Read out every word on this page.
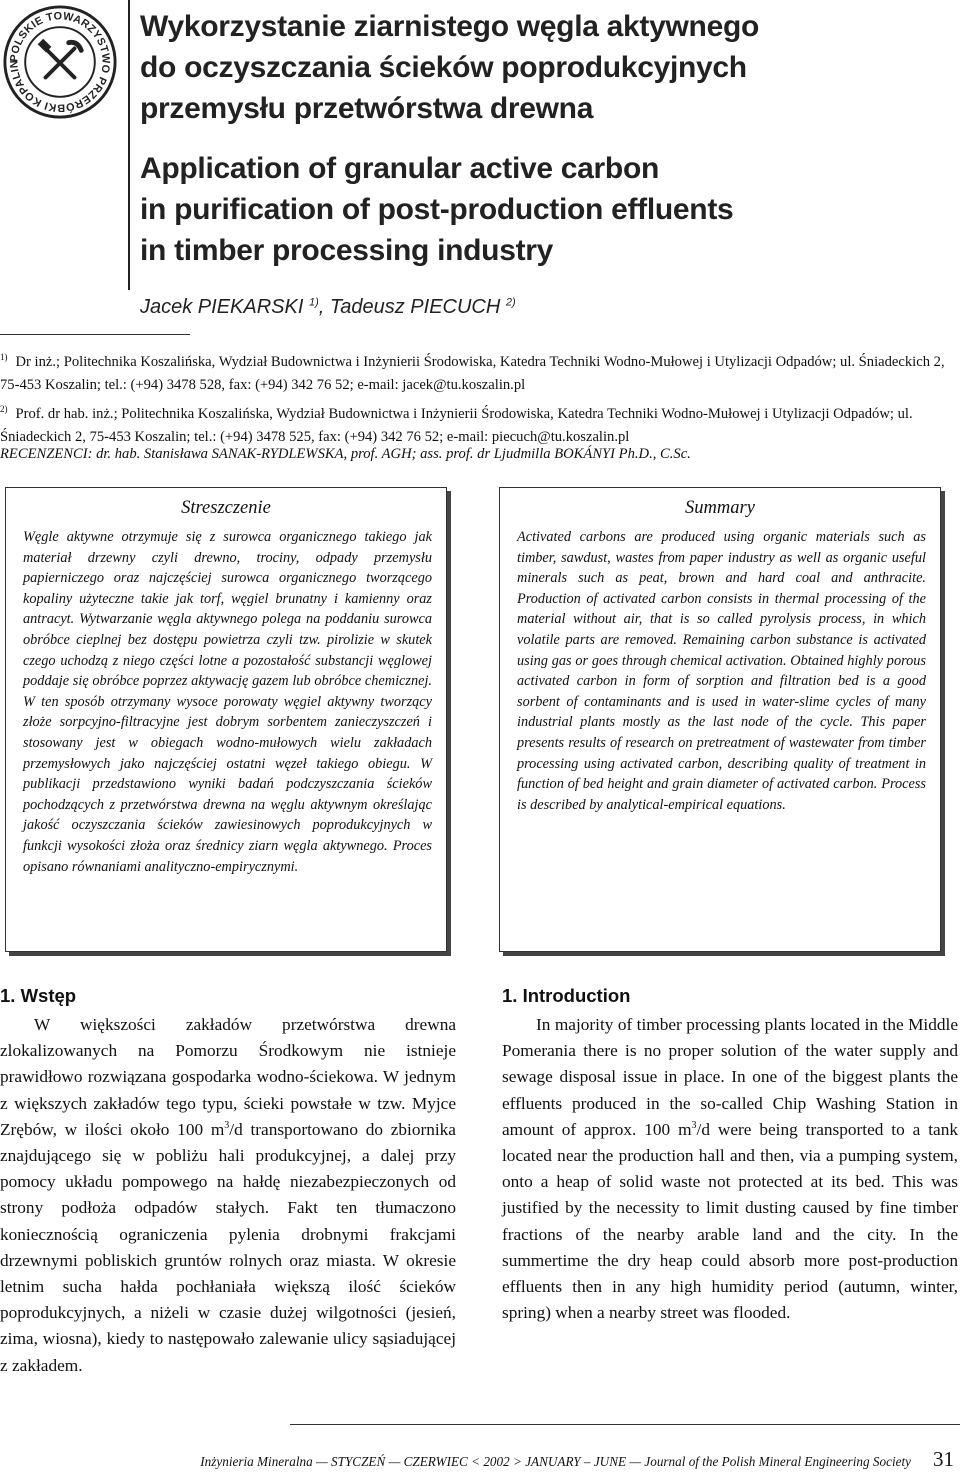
POLSKIE TOWARZYSTWO PRZERÓBKI KOPALIN
Wykorzystanie ziarnistego węgla aktywnego
do oczyszczania ścieków poprodukcyjnych
przemysłu przetwórstwa drewna
Application of granular active carbon
in purification of post-production effluents
in timber processing industry
Jacek PIEKARSKI $^{1)}$, Tadeusz PIECUCH $^{2)}$
$^{1)}$ Dr inż.; Politechnika Koszalińska, Wydział Budownictwa i Inżynierii Środowiska, Katedra Techniki Wodno-Mułowej i Utylizacji Odpadów; ul. Śniadeckich 2, 75-453 Koszalin; tel.: (+94) 3478 528, fax: (+94) 342 76 52; e-mail: jacek@tu.koszalin.pl
$^{2)}$ Prof. dr hab. inż.; Politechnika Koszalińska, Wydział Budownictwa i Inżynierii Środowiska, Katedra Techniki Wodno-Mułowej i Utylizacji Odpadów; ul. Śniadeckich 2, 75-453 Koszalin; tel.: (+94) 3478 525, fax: (+94) 342 76 52; e-mail: piecuch@tu.koszalin.pl
RECENZENCI: dr. hab. Stanisława SANAK-RYDLEWSKA, prof. AGH; ass. prof. dr Ljudmilla BOKÁNYI Ph.D., C.Sc.
Streszczenie

Węgle aktywne otrzymuje się z surowca organicznego takiego jak materiał drzewny czyli drewno, trociny, odpady przemysłu papierniczego oraz najczęściej surowca organicznego tworzącego kopaliny użyteczne takie jak torf, węgiel brunatny i kamienny oraz antracyt. Wytwarzanie węgla aktywnego polega na poddaniu surowca obróbce cieplnej bez dostępu powietrza czyli tzw. pirolizie w skutek czego uchodzą z niego części lotne a pozostałość substancji węglowej poddaje się obróbce poprzez aktywację gazem lub obróbce chemicznej. W ten sposób otrzymany wysoce porowaty węgiel aktywny tworzący złoże sorpcyjno-filtracyjne jest dobrym sorbentem zanieczyszczeń i stosowany jest w obiegach wodno-mułowych wielu zakładach przemysłowych jako najczęściej ostatni węzeł takiego obiegu. W publikacji przedstawiono wyniki badań podczyszczania ścieków pochodzących z przetwórstwa drewna na węglu aktywnym określając jakość oczyszczania ścieków zawiesinowych poprodukcyjnych w funkcji wysokości złoża oraz średnicy ziarn węgla aktywnego. Proces opisano równaniami analityczno-empirycznymi.

Summary

Activated carbons are produced using organic materials such as timber, sawdust, wastes from paper industry as well as organic useful minerals such as peat, brown and hard coal and anthracite. Production of activated carbon consists in thermal processing of the material without air, that is so called pyrolysis process, in which volatile parts are removed. Remaining carbon substance is activated using gas or goes through chemical activation. Obtained highly porous activated carbon in form of sorption and filtration bed is a good sorbent of contaminants and is used in water-slime cycles of many industrial plants mostly as the last node of the cycle. This paper presents results of research on pretreatment of wastewater from timber processing using activated carbon, describing quality of treatment in function of bed height and grain diameter of activated carbon. Process is described by analytical-empirical equations.

1. Wstęp

W większości zakładów przetwórstwa drewna zlokalizowanych na Pomorzu Środkowym nie istnieje prawidłowo rozwiązana gospodarka wodno-ściekowa. W jednym z większych zakładów tego typu, ścieki powstałe w tzw. Myjce Zrębów, w ilości około 100 $m^3/d$ transportowano do zbiornika znajdującego się w pobliżu hali produkcyjnej, a dalej przy pomocy układu pompowego na hałdę niezabezpieczonych od strony podłoża odpadów stałych. Fakt ten tłumaczono koniecznością ograniczenia pylenia drobnymi frakcjami drzewnymi pobliskich gruntów rolnych oraz miasta. W okresie letnim sucha hałda pochłaniała większą ilość ścieków poprodukcyjnych, a niżeli w czasie dużej wilgotności (jesień, zima, wiosna), kiedy to następowało zalewanie ulicy sąsiadującej z zakładem.

1. Introduction

In majority of timber processing plants located in the Middle Pomerania there is no proper solution of the water supply and sewage disposal issue in place. In one of the biggest plants the effluents produced in the so-called Chip Washing Station in amount of approx. 100 $m^3/d$ were being transported to a tank located near the production hall and then, via a pumping system, onto a heap of solid waste not protected at its bed. This was justified by the necessity to limit dusting caused by fine timber fractions of the nearby arable land and the city. In the summertime the dry heap could absorb more post-production effluents then in any high humidity period (autumn, winter, spring) when a nearby street was flooded.

Inżynieria Mineralna — STYCZEŃ — CZERWIEC < 2002 > JANUARY – JUNE — Journal of the Polish Mineral Engineering Society 31
